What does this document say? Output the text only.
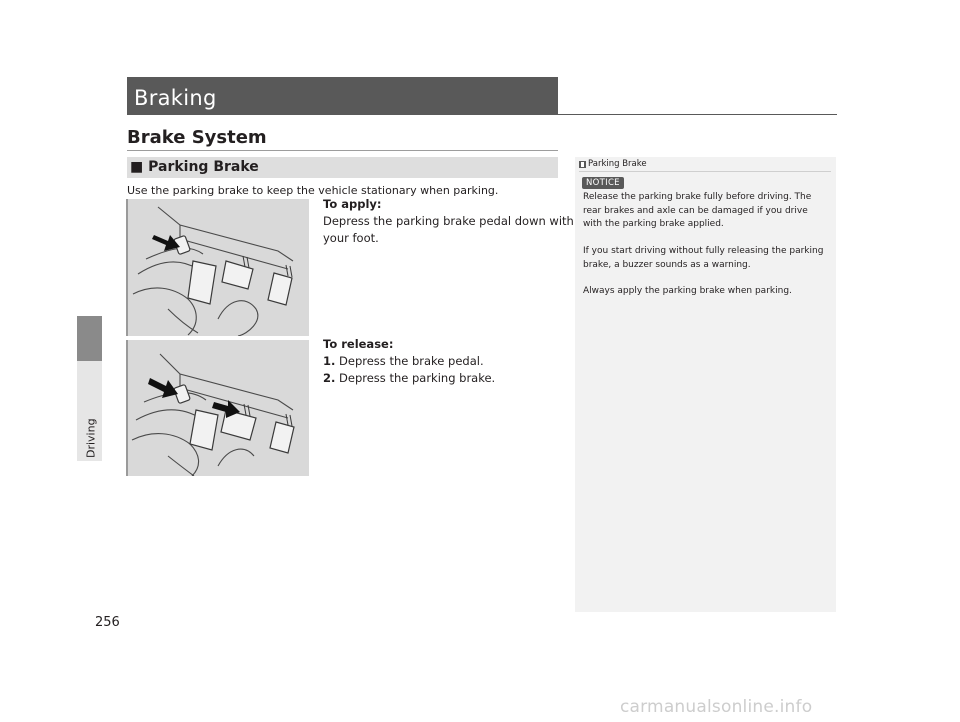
Driving
Braking
Brake System
■ Parking Brake
Use the parking brake to keep the vehicle stationary when parking.
To apply:
Depress the parking brake pedal down with
your foot.
To release:
1. Depress the brake pedal.
2. Depress the parking brake.
Parking Brake
NOTICE
Release the parking brake fully before driving. The
rear brakes and axle can be damaged if you drive
with the parking brake applied.
If you start driving without fully releasing the parking
brake, a buzzer sounds as a warning.
Always apply the parking brake when parking.
256
carmanualsonline.info
